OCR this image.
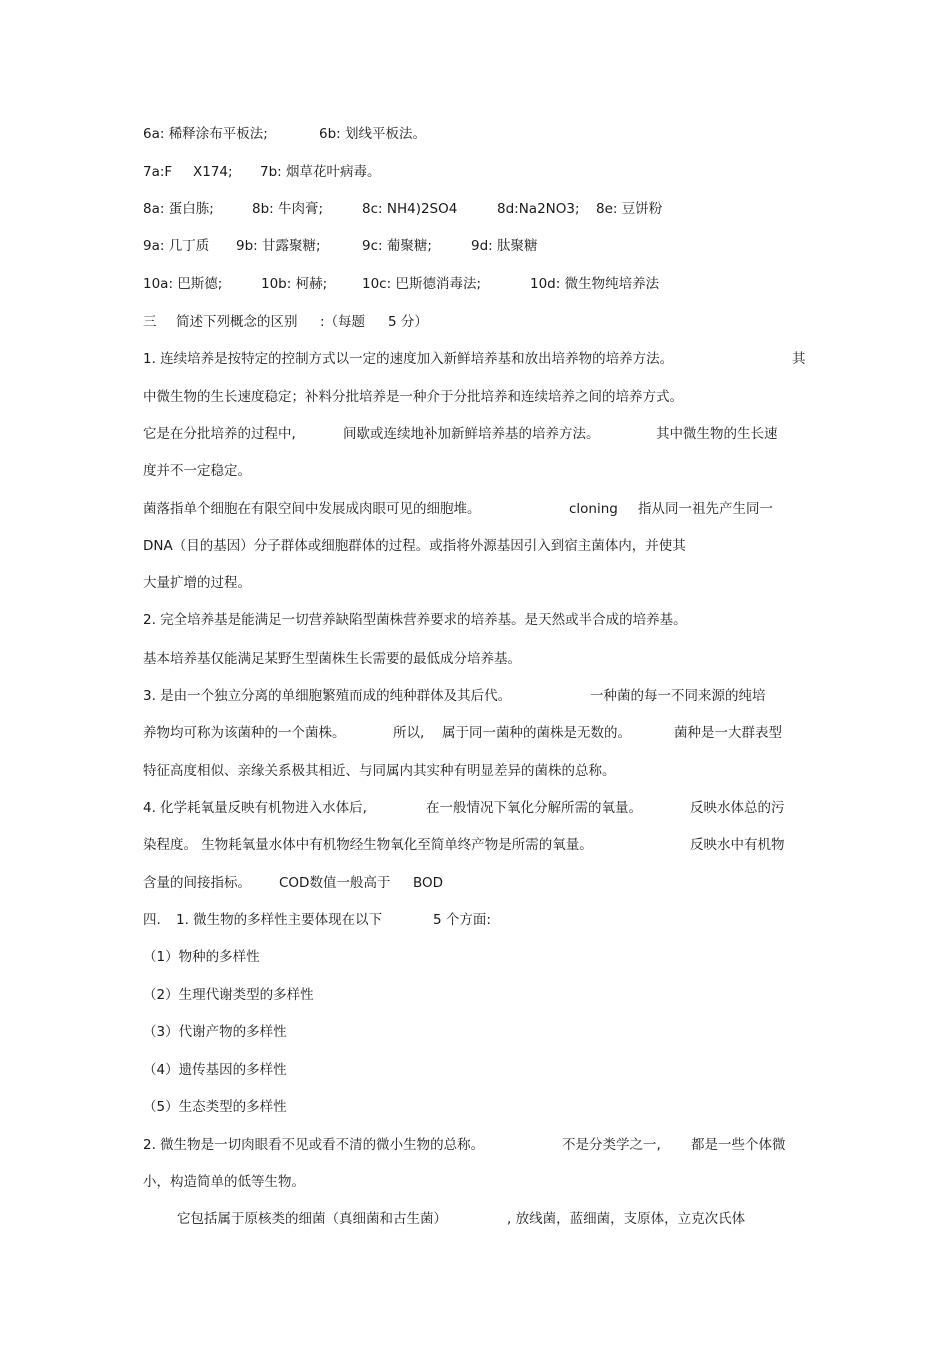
6a: 稀释涂布平板法;	6b: 划线平板法。
7a:F X174; 7b: 烟草花叶病毒。
8a: 蛋白胨;	8b: 牛肉膏;	8c: NH4)2SO4	8d:Na2NO3; 8e: 豆饼粉
9a: 几丁质 9b: 甘露聚糖;	9c: 葡聚糖;	9d: 肽聚糖
10a: 巴斯德;	10b: 柯赫;	10c: 巴斯德消毒法;	10d: 微生物纯培养法
三 简述下列概念的区别 :（每题 5 分）
1. 连续培养是按特定的控制方式以一定的速度加入新鲜培养基和放出培养物的培养方法。	其
中微生物的生长速度稳定；补料分批培养是一种介于分批培养和连续培养之间的培养方式。
它是在分批培养的过程中,	间歇或连续地补加新鲜培养基的培养方法。	其中微生物的生长速
度并不一定稳定。
菌落指单个细胞在有限空间中发展成肉眼可见的细胞堆。	cloning 指从同一祖先产生同一
DNA（目的基因）分子群体或细胞群体的过程。或指将外源基因引入到宿主菌体内，并使其
大量扩增的过程。
2. 完全培养基是能满足一切营养缺陷型菌株营养要求的培养基。是天然或半合成的培养基。
基本培养基仅能满足某野生型菌株生长需要的最低成分培养基。
3. 是由一个独立分离的单细胞繁殖而成的纯种群体及其后代。	一种菌的每一不同来源的纯培
养物均可称为该菌种的一个菌株。	所以, 属于同一菌种的菌株是无数的。	菌种是一大群表型
特征高度相似、亲缘关系极其相近、与同属内其实种有明显差异的菌株的总称。
4. 化学耗氧量反映有机物进入水体后,	在一般情况下氧化分解所需的氧量。	反映水体总的污
染程度。 生物耗氧量水体中有机物经生物氧化至简单终产物是所需的氧量。	反映水中有机物
含量的间接指标。 COD数值一般高于 BOD
四. 1. 微生物的多样性主要体现在以下	5 个方面:
（1）物种的多样性
（2）生理代谢类型的多样性
（3）代谢产物的多样性
（4）遗传基因的多样性
（5）生态类型的多样性
2. 微生物是一切肉眼看不见或看不清的微小生物的总称。	不是分类学之一, 都是一些个体微
小，构造简单的低等生物。
它包括属于原核类的细菌（真细菌和古生菌）	, 放线菌，蓝细菌，支原体，立克次氏体
